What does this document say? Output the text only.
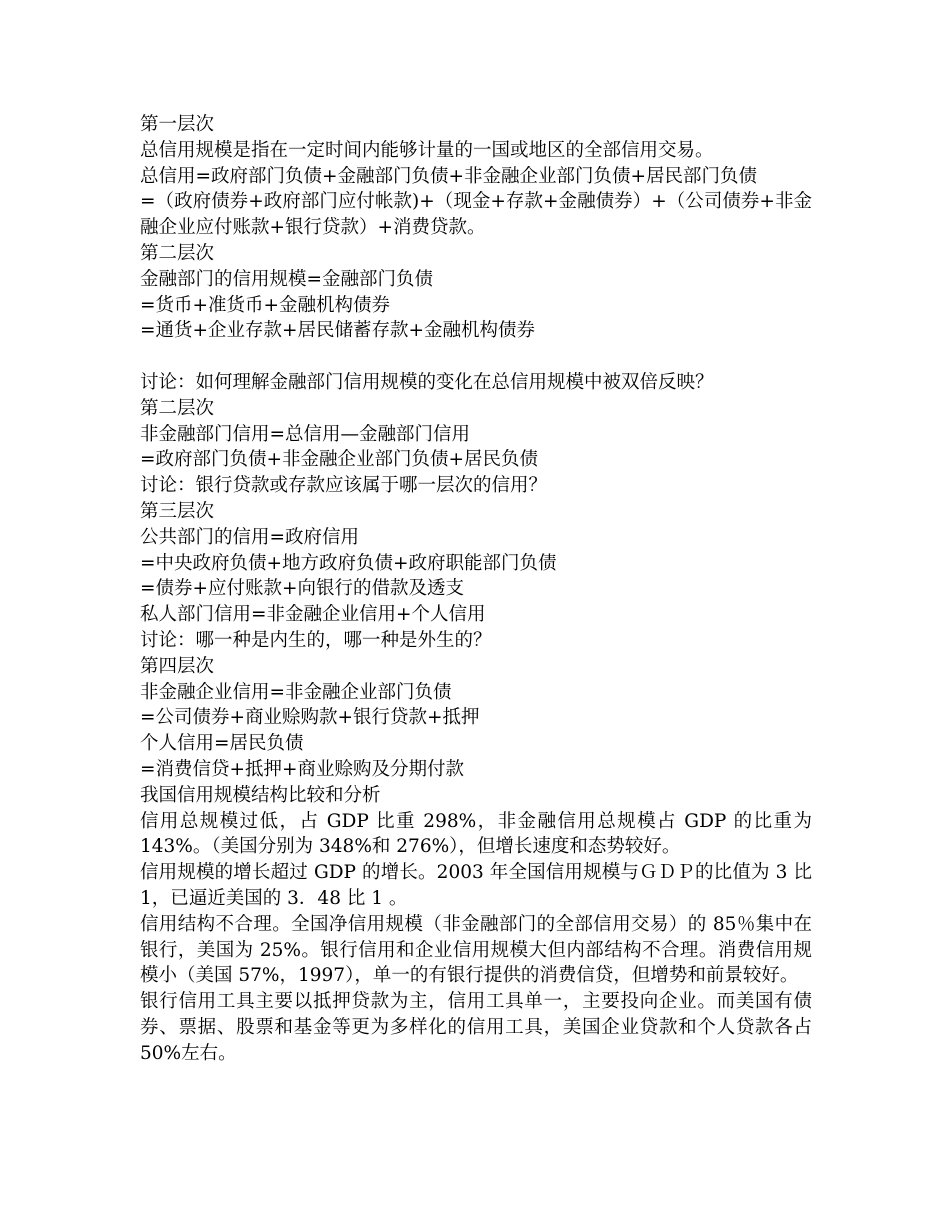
第一层次

总信用规模是指在一定时间内能够计量的一国或地区的全部信用交易。

总信用=政府部门负债+金融部门负债+非金融企业部门负债+居民部门负债

=（政府债券+政府部门应付帐款)+（现金+存款+金融债券）+（公司债券+非金融企业应付账款+银行贷款）+消费贷款。

第二层次

金融部门的信用规模=金融部门负债

=货币+准货币+金融机构债券

=通货+企业存款+居民储蓄存款+金融机构债券

讨论：如何理解金融部门信用规模的变化在总信用规模中被双倍反映？

第二层次

非金融部门信用=总信用—金融部门信用

=政府部门负债+非金融企业部门负债+居民负债

讨论：银行贷款或存款应该属于哪一层次的信用？

第三层次

公共部门的信用=政府信用

=中央政府负债+地方政府负债+政府职能部门负债

=债券+应付账款+向银行的借款及透支

私人部门信用=非金融企业信用+个人信用

讨论：哪一种是内生的，哪一种是外生的？

第四层次

非金融企业信用=非金融企业部门负债

=公司债券+商业赊购款+银行贷款+抵押

个人信用=居民负债

=消费信贷+抵押+商业赊购及分期付款

我国信用规模结构比较和分析

信用总规模过低，占 GDP 比重 298%，非金融信用总规模占 GDP 的比重为 143%。（美国分别为 348%和 276%），但增长速度和态势较好。

信用规模的增长超过 GDP 的增长。2003 年全国信用规模与ＧＤＰ的比值为 3 比 1，已逼近美国的 3．48 比 1 。

信用结构不合理。全国净信用规模（非金融部门的全部信用交易）的 85％集中在银行，美国为 25%。银行信用和企业信用规模大但内部结构不合理。消费信用规模小（美国 57%，1997），单一的有银行提供的消费信贷，但增势和前景较好。

银行信用工具主要以抵押贷款为主，信用工具单一，主要投向企业。而美国有债券、票据、股票和基金等更为多样化的信用工具，美国企业贷款和个人贷款各占 50%左右。
